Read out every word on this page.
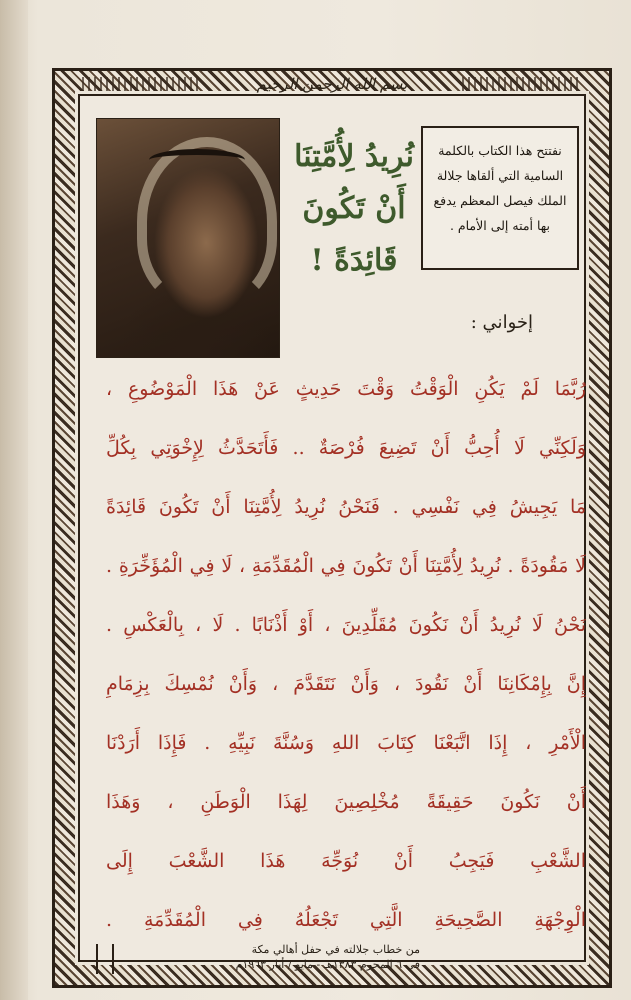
بسم الله الرحمن الرحيم
نُرِيدُ لِأُمَّتِنَا
أَنْ تَكُونَ
قَائِدَةً !
نفتتح هذا الكتاب بالكلمة السامية التي ألقاها جلالة الملك فيصل المعظم يدفع بها أمته إلى الأمام .
إخواني :
رُبَّمَا لَمْ يَكُنِ الْوَقْتُ وَقْتَ حَدِيثٍ عَنْ هَذَا الْمَوْضُوعِ ،
وَلَكِنِّي لَا أُحِبُّ أَنْ تَضِيعَ فُرْصَةٌ .. فَأَتَحَدَّثُ لِإِخْوَتِي بِكُلِّ
مَا يَجِيشُ فِي نَفْسِي . فَنَحْنُ نُرِيدُ لِأُمَّتِنَا أَنْ تَكُونَ قَائِدَةً
لَا مَقُودَةً . نُرِيدُ لِأُمَّتِنَا أَنْ تَكُونَ فِي الْمُقَدِّمَةِ ، لَا فِي الْمُؤَخِّرَةِ .
نَحْنُ لَا نُرِيدُ أَنْ نَكُونَ مُقَلِّدِينَ ، أَوْ أَذْنَابًا . لَا ، بِالْعَكْسِ .
إِنَّ بِإِمْكَانِنَا أَنْ نَقُودَ ، وَأَنْ نَتَقَدَّمَ ، وَأَنْ نُمْسِكَ بِزِمَامِ
الْأَمْرِ ، إِذَا اتَّبَعْنَا كِتَابَ اللهِ وَسُنَّةَ نَبِيِّهِ . فَإِذَا أَرَدْنَا
أَنْ نَكُونَ حَقِيقَةً مُخْلِصِينَ لِهَذَا الْوَطَنِ ، وَهَذَا
الشَّعْبِ فَيَجِبُ أَنْ نُوَجِّهَ هَذَا الشَّعْبَ إِلَى
الْوِجْهَةِ الصَّحِيحَةِ الَّتِي تَجْعَلُهُ فِي الْمُقَدِّمَةِ .
من خطاب جلالته في حفل أهالي مكة
في ٦ المحرم ١٣٨٣هـ - مايو / أيار ١٩٦٣م
